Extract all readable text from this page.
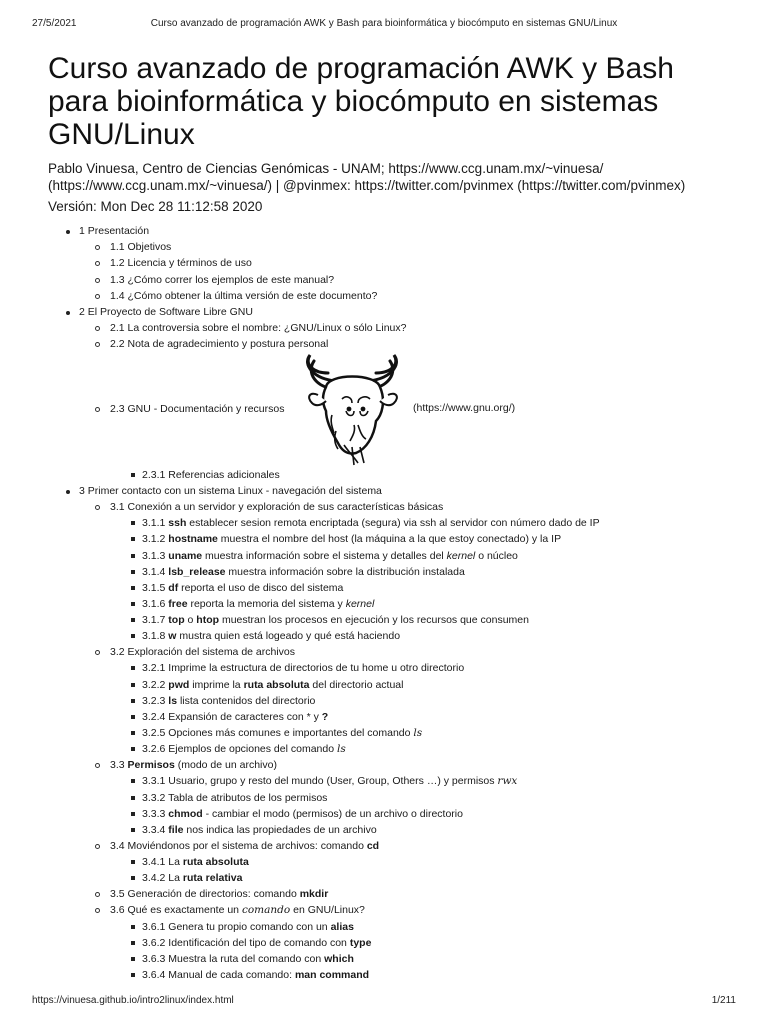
27/5/2021	Curso avanzado de programación AWK y Bash para bioinformática y biocómputo en sistemas GNU/Linux
Curso avanzado de programación AWK y Bash para bioinformática y biocómputo en sistemas GNU/Linux
Pablo Vinuesa, Centro de Ciencias Genómicas - UNAM; https://www.ccg.unam.mx/~vinuesa/
(https://www.ccg.unam.mx/~vinuesa/) | @pvinmex: https://twitter.com/pvinmex (https://twitter.com/pvinmex)
Versión: Mon Dec 28 11:12:58 2020
1 Presentación
1.1 Objetivos
1.2 Licencia y términos de uso
1.3 ¿Cómo correr los ejemplos de este manual?
1.4 ¿Cómo obtener la última versión de este documento?
2 El Proyecto de Software Libre GNU
2.1 La controversia sobre el nombre: ¿GNU/Linux o sólo Linux?
2.2 Nota de agradecimiento y postura personal
2.3 GNU - Documentación y recursos	(https://www.gnu.org/)
2.3.1 Referencias adicionales
3 Primer contacto con un sistema Linux - navegación del sistema
3.1 Conexión a un servidor y exploración de sus características básicas
3.1.1 ssh establecer sesion remota encriptada (segura) via ssh al servidor con número dado de IP
3.1.2 hostname muestra el nombre del host (la máquina a la que estoy conectado) y la IP
3.1.3 uname muestra información sobre el sistema y detalles del kernel o núcleo
3.1.4 lsb_release muestra información sobre la distribución instalada
3.1.5 df reporta el uso de disco del sistema
3.1.6 free reporta la memoria del sistema y kernel
3.1.7 top o htop muestran los procesos en ejecución y los recursos que consumen
3.1.8 w mustra quien está logeado y qué está haciendo
3.2 Exploración del sistema de archivos
3.2.1 Imprime la estructura de directorios de tu home u otro directorio
3.2.2 pwd imprime la ruta absoluta del directorio actual
3.2.3 ls lista contenidos del directorio
3.2.4 Expansión de caracteres con * y ?
3.2.5 Opciones más comunes e importantes del comando ls
3.2.6 Ejemplos de opciones del comando ls
3.3 Permisos (modo de un archivo)
3.3.1 Usuario, grupo y resto del mundo (User, Group, Others …) y permisos rwx
3.3.2 Tabla de atributos de los permisos
3.3.3 chmod - cambiar el modo (permisos) de un archivo o directorio
3.3.4 file nos indica las propiedades de un archivo
3.4 Moviéndonos por el sistema de archivos: comando cd
3.4.1 La ruta absoluta
3.4.2 La ruta relativa
3.5 Generación de directorios: comando mkdir
3.6 Qué es exactamente un comando en GNU/Linux?
3.6.1 Genera tu propio comando con un alias
3.6.2 Identificación del tipo de comando con type
3.6.3 Muestra la ruta del comando con which
3.6.4 Manual de cada comando: man command
https://vinuesa.github.io/intro2linux/index.html	1/211
